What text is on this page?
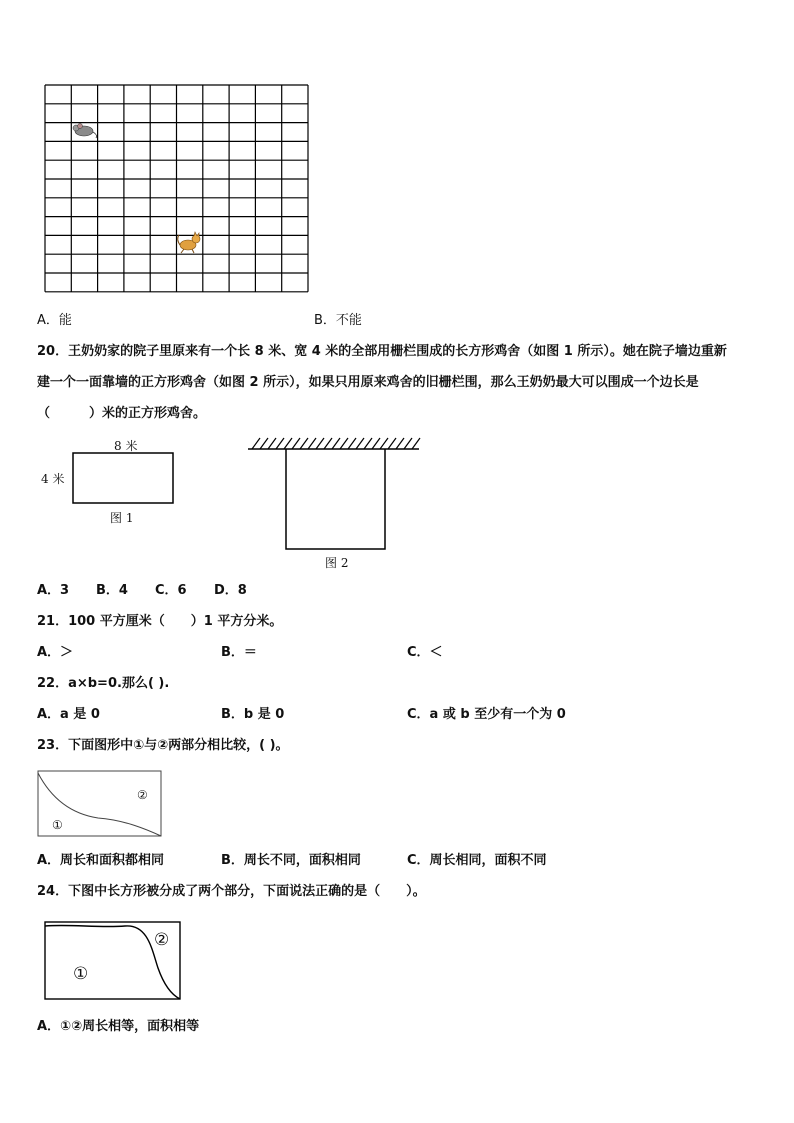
A．能	B．不能
20．王奶奶家的院子里原来有一个长 8 米、宽 4 米的全部用栅栏围成的长方形鸡舍（如图 1 所示）。她在院子墙边重新
建一个一面靠墙的正方形鸡舍（如图 2 所示），如果只用原来鸡舍的旧栅栏围，那么王奶奶最大可以围成一个边长是
（　　　）米的正方形鸡舍。
8 米
4 米
图 1
图 2
A．3 B．4 C．6 D．8
21．100 平方厘米（　　）1 平方分米。
A．＞	B．＝	C．＜
22．a×b=0.那么( ).
A．a 是 0	B．b 是 0	C．a 或 b 至少有一个为 0
23．下面图形中①与②两部分相比较，( )。
②
①
A．周长和面积都相同	B．周长不同，面积相同	C．周长相同，面积不同
24．下图中长方形被分成了两个部分，下面说法正确的是（　　）。
②
①
A．①②周长相等，面积相等
